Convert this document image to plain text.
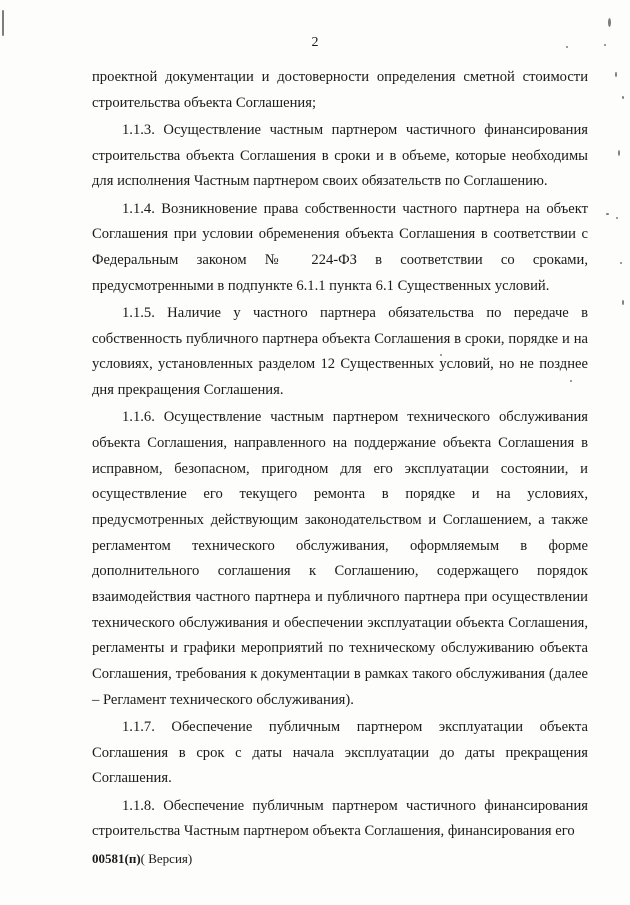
2

проектной документации и достоверности определения сметной стоимости строительства объекта Соглашения;

1.1.3. Осуществление частным партнером частичного финансирования строительства объекта Соглашения в сроки и в объеме, которые необходимы для исполнения Частным партнером своих обязательств по Соглашению.

1.1.4. Возникновение права собственности частного партнера на объект Соглашения при условии обременения объекта Соглашения в соответствии с Федеральным законом № 224-ФЗ в соответствии со сроками, предусмотренными в подпункте 6.1.1 пункта 6.1 Существенных условий.

1.1.5. Наличие у частного партнера обязательства по передаче в собственность публичного партнера объекта Соглашения в сроки, порядке и на условиях, установленных разделом 12 Существенных условий, но не позднее дня прекращения Соглашения.

1.1.6. Осуществление частным партнером технического обслуживания объекта Соглашения, направленного на поддержание объекта Соглашения в исправном, безопасном, пригодном для его эксплуатации состоянии, и осуществление его текущего ремонта в порядке и на условиях, предусмотренных действующим законодательством и Соглашением, а также регламентом технического обслуживания, оформляемым в форме дополнительного соглашения к Соглашению, содержащего порядок взаимодействия частного партнера и публичного партнера при осуществлении технического обслуживания и обеспечении эксплуатации объекта Соглашения, регламенты и графики мероприятий по техническому обслуживанию объекта Соглашения, требования к документации в рамках такого обслуживания (далее – Регламент технического обслуживания).

1.1.7. Обеспечение публичным партнером эксплуатации объекта Соглашения в срок с даты начала эксплуатации до даты прекращения Соглашения.

1.1.8. Обеспечение публичным партнером частичного финансирования строительства Частным партнером объекта Соглашения, финансирования его

00581(п)( Версия)
